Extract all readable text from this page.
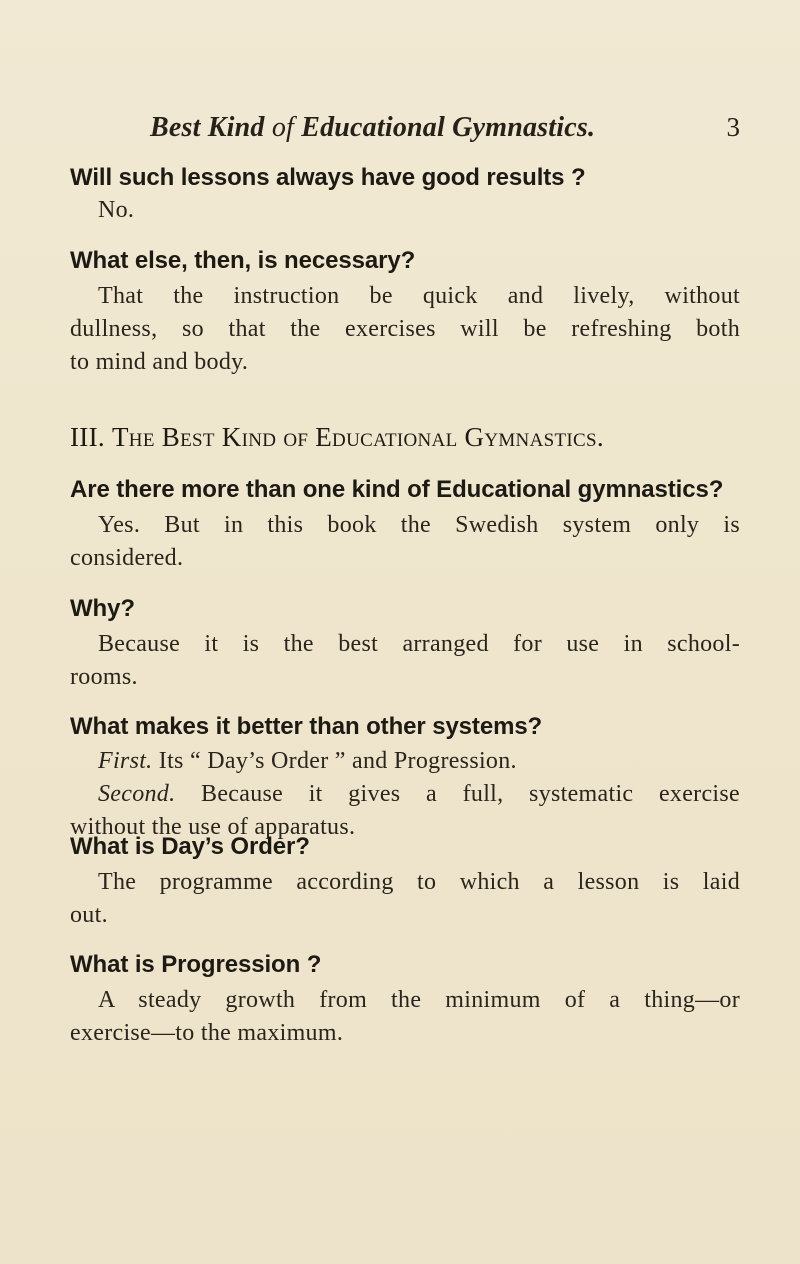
Best Kind of Educational Gymnastics.	3
Will such lessons always have good results ?
No.
What else, then, is necessary?
That the instruction be quick and lively, without
dullness, so that the exercises will be refreshing both
to mind and body.
III. The Best Kind of Educational Gymnastics.
Are there more than one kind of Educational gymnastics?
Yes. But in this book the Swedish system only is
considered.
Why?
Because it is the best arranged for use in school-
rooms.
What makes it better than other systems?
First. Its “ Day’s Order ” and Progression.
Second. Because it gives a full, systematic exercise
without the use of apparatus.
What is Day’s Order?
The programme according to which a lesson is laid
out.
What is Progression ?
A steady growth from the minimum of a thing—or
exercise—to the maximum.
